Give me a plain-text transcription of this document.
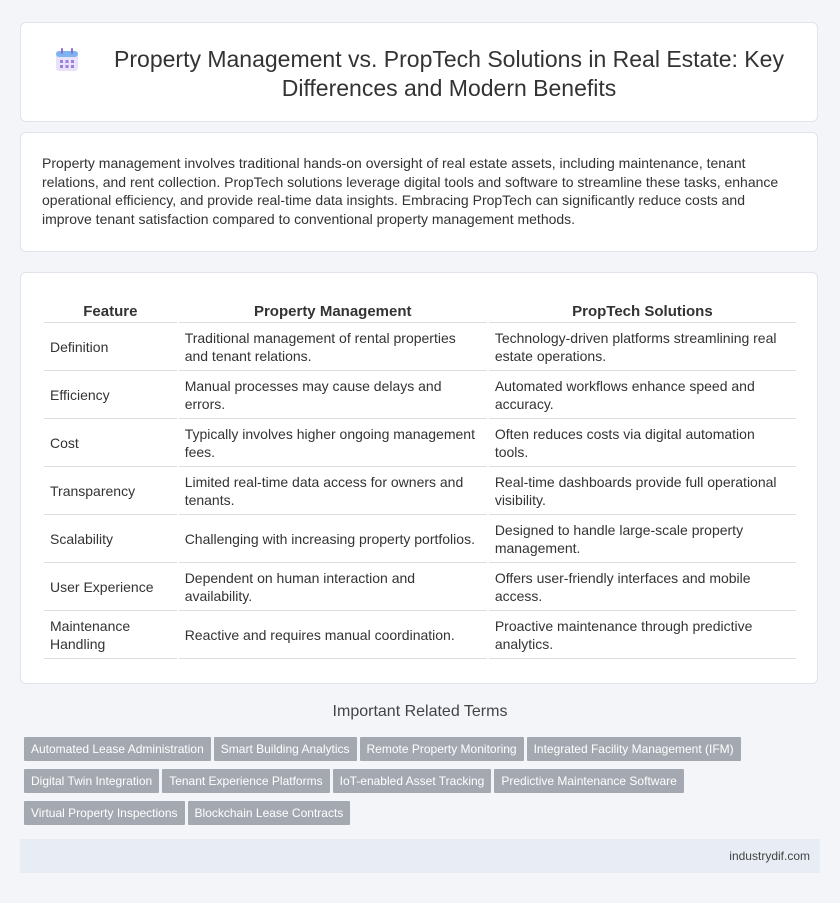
Property Management vs. PropTech Solutions in Real Estate: Key Differences and Modern Benefits

Property management involves traditional hands-on oversight of real estate assets, including maintenance, tenant relations, and rent collection. PropTech solutions leverage digital tools and software to streamline these tasks, enhance operational efficiency, and provide real-time data insights. Embracing PropTech can significantly reduce costs and improve tenant satisfaction compared to conventional property management methods.

Feature	Property Management	PropTech Solutions
Definition	Traditional management of rental properties and tenant relations.	Technology-driven platforms streamlining real estate operations.
Efficiency	Manual processes may cause delays and errors.	Automated workflows enhance speed and accuracy.
Cost	Typically involves higher ongoing management fees.	Often reduces costs via digital automation tools.
Transparency	Limited real-time data access for owners and tenants.	Real-time dashboards provide full operational visibility.
Scalability	Challenging with increasing property portfolios.	Designed to handle large-scale property management.
User Experience	Dependent on human interaction and availability.	Offers user-friendly interfaces and mobile access.
Maintenance Handling	Reactive and requires manual coordination.	Proactive maintenance through predictive analytics.
Important Related Terms
Automated Lease Administration Smart Building Analytics Remote Property Monitoring Integrated Facility Management (IFM)Digital Twin Integration Tenant Experience Platforms IoT-enabled Asset Tracking Predictive Maintenance SoftwareVirtual Property Inspections Blockchain Lease Contracts
industrydif.com
